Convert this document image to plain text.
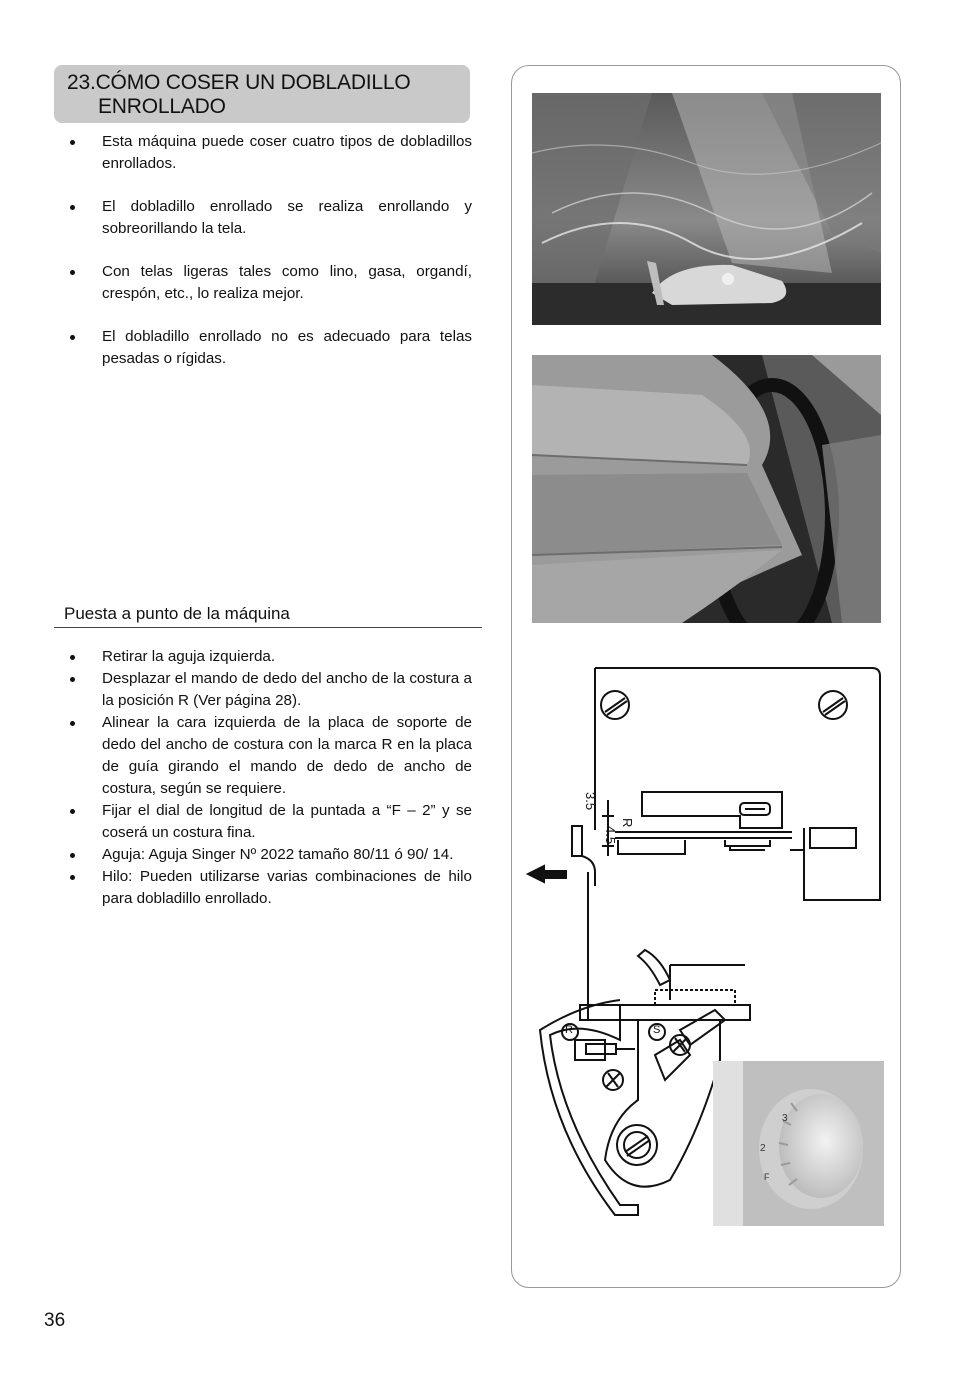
23.CÓMO COSER UN DOBLADILLO
ENROLLADO
Esta máquina puede coser cuatro tipos de dobladillos enrollados.
El dobladillo enrollado se realiza enrollando y sobreorillando la tela.
Con telas ligeras tales como lino, gasa, organdí, crespón, etc., lo realiza mejor.
El dobladillo enrollado no es adecuado para telas pesadas o rígidas.
Puesta a punto de la máquina
Retirar la aguja izquierda.
Desplazar el mando de dedo del ancho de la costura a la posición R (Ver página 28).
Alinear la cara izquierda de la placa de soporte de dedo del ancho de costura con la marca R en la placa de guía girando el mando de dedo de ancho de costura, según se requiere.
Fijar el dial de longitud de la puntada a “F – 2” y se coserá un costura fina.
Aguja: Aguja Singer Nº 2022 tamaño 80/11 ó 90/ 14.
Hilo: Pueden utilizarse varias combinaciones de hilo para dobladillo enrollado.
3.5
4.5
R
R	S
3
2
F
36
